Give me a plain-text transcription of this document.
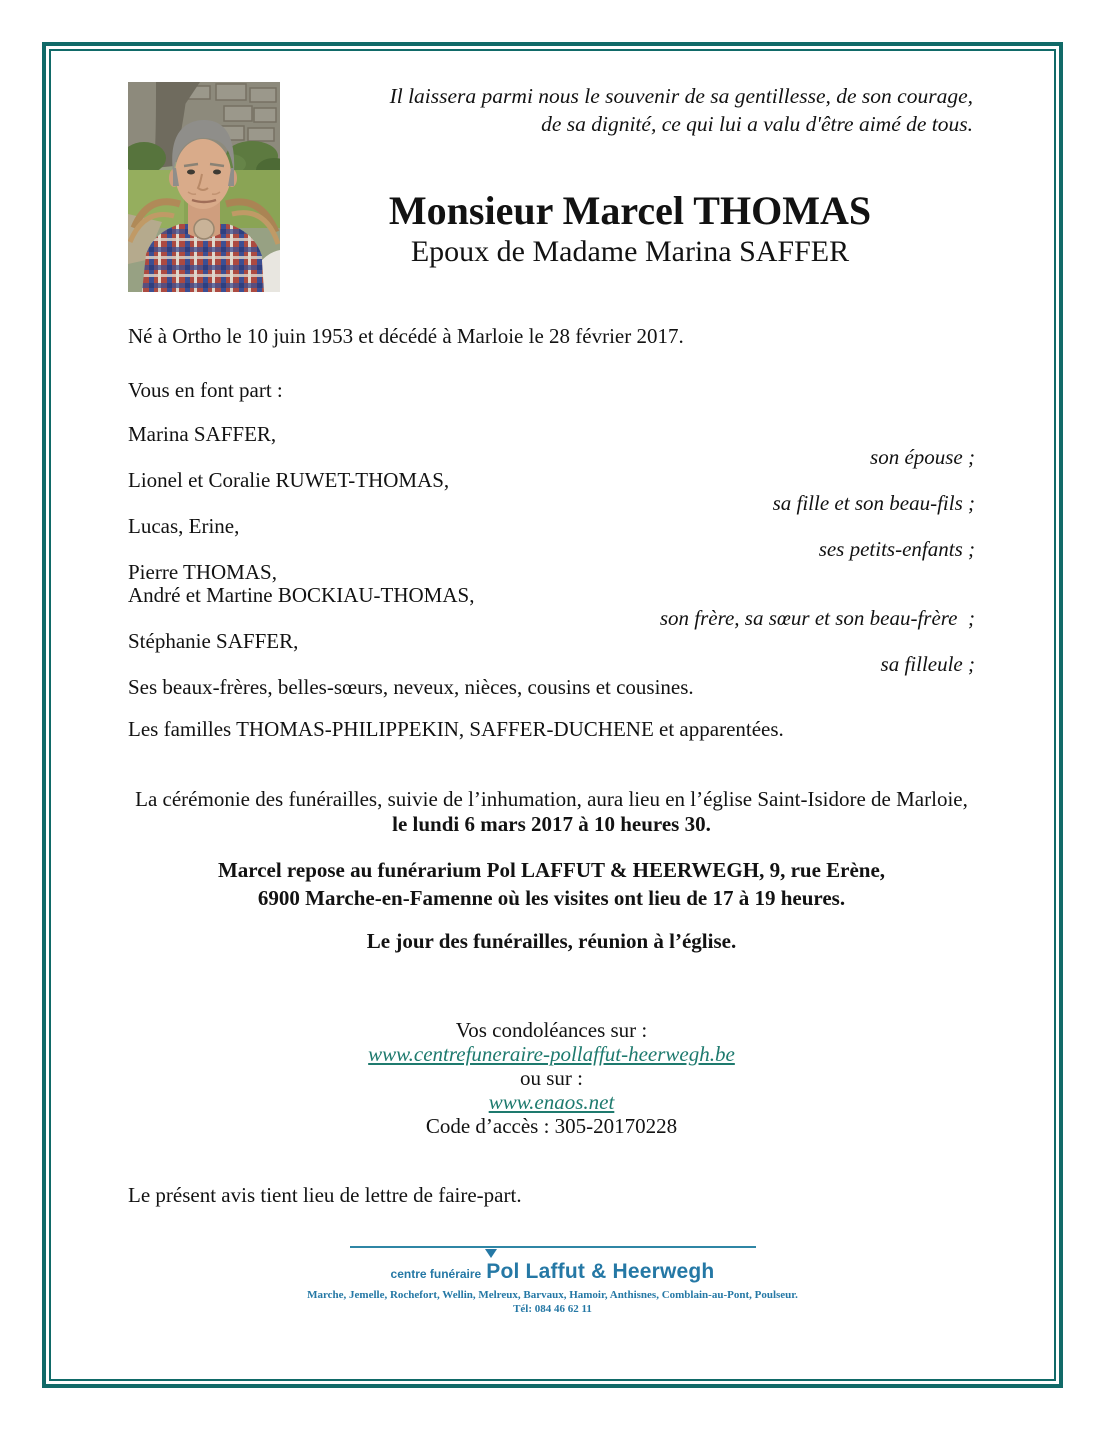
Il laissera parmi nous le souvenir de sa gentillesse, de son courage,
de sa dignité, ce qui lui a valu d'être aimé de tous.
Monsieur Marcel THOMAS
Epoux de Madame Marina SAFFER

Né à Ortho le 10 juin 1953 et décédé à Marloie le 28 février 2017.

Vous en font part :

Marina SAFFER,

son épouse ;

Lionel et Coralie RUWET-THOMAS,

sa fille et son beau-fils ;

Lucas, Erine,

ses petits-enfants ;

Pierre THOMAS,

André et Martine BOCKIAU-THOMAS,

son frère, sa sœur et son beau-frère  ;

Stéphanie SAFFER,

sa filleule ;

Ses beaux-frères, belles-sœurs, neveux, nièces, cousins et cousines.

Les familles THOMAS-PHILIPPEKIN, SAFFER-DUCHENE et apparentées.

La cérémonie des funérailles, suivie de l’inhumation, aura lieu en l’église Saint-Isidore de Marloie,

le lundi 6 mars 2017 à 10 heures 30.

Marcel repose au funérarium Pol LAFFUT & HEERWEGH, 9, rue Erène,

6900 Marche-en-Famenne où les visites ont lieu de 17 à 19 heures.

Le jour des funérailles, réunion à l’église.

Vos condoléances sur :

www.centrefuneraire-pollaffut-heerwegh.be

ou sur :

www.enaos.net

Code d’accès : 305-20170228

Le présent avis tient lieu de lettre de faire-part.

centre funéraire Pol Laffut & Heerwegh
Marche, Jemelle, Rochefort, Wellin, Melreux, Barvaux, Hamoir, Anthisnes, Comblain-au-Pont, Poulseur.
Tél: 084 46 62 11
